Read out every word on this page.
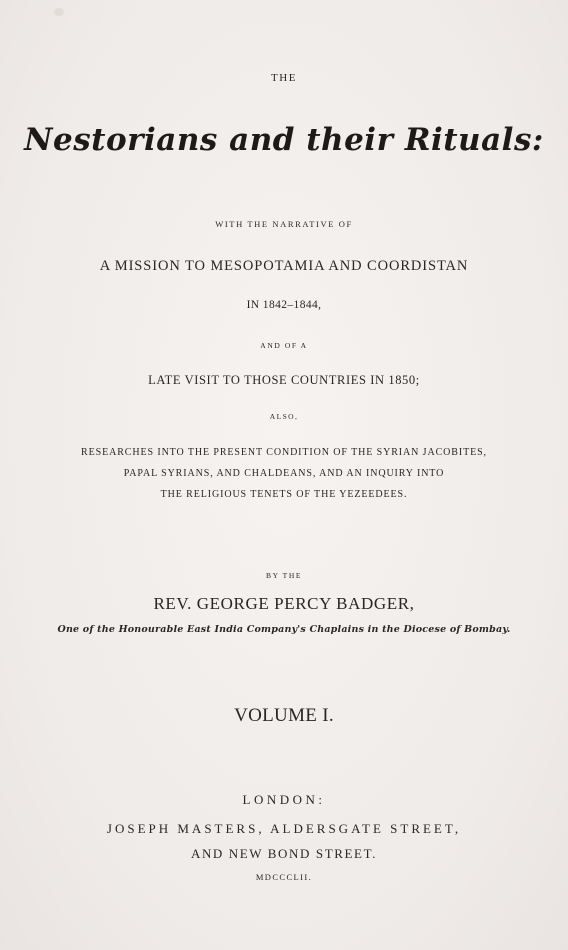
THE
Nestorians and their Rituals:
WITH THE NARRATIVE OF
A MISSION TO MESOPOTAMIA AND COORDISTAN
IN 1842–1844,
AND OF A
LATE VISIT TO THOSE COUNTRIES IN 1850;
ALSO,
RESEARCHES INTO THE PRESENT CONDITION OF THE SYRIAN JACOBITES,
PAPAL SYRIANS, AND CHALDEANS, AND AN INQUIRY INTO
THE RELIGIOUS TENETS OF THE YEZEEDEES.
BY THE
REV. GEORGE PERCY BADGER,
One of the Honourable East India Company's Chaplains in the Diocese of Bombay.
VOLUME I.
LONDON:
JOSEPH MASTERS, ALDERSGATE STREET,
AND NEW BOND STREET.
MDCCCLII.
